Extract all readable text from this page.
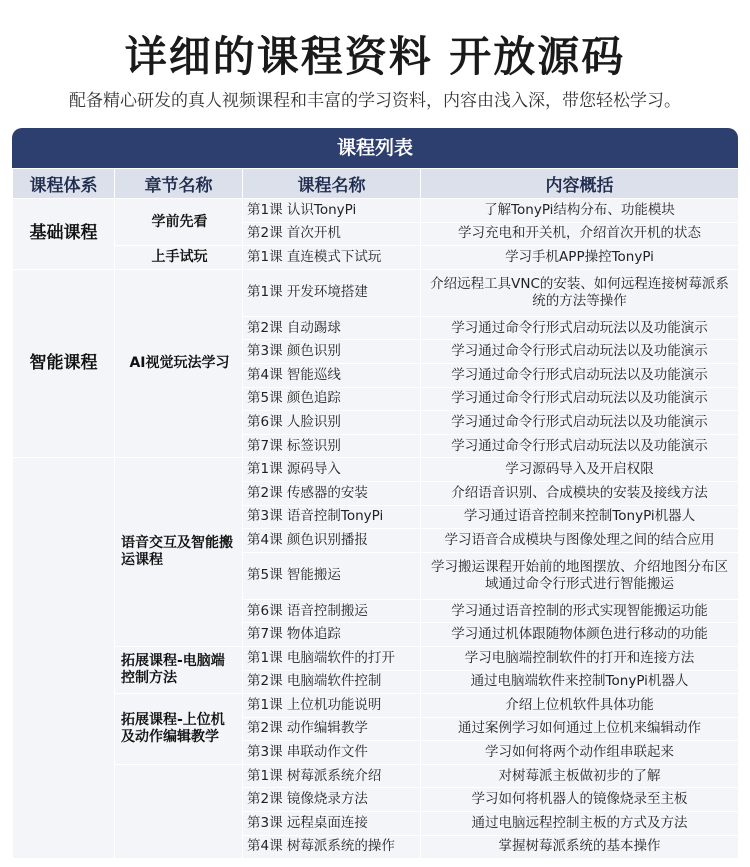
详细的课程资料 开放源码
配备精心研发的真人视频课程和丰富的学习资料，内容由浅入深，带您轻松学习。
课程列表
课程体系	章节名称	课程名称	内容概括
基础课程	学前先看	第1课 认识TonyPi	了解TonyPi结构分布、功能模块
		第2课 首次开机	学习充电和开关机，介绍首次开机的状态
	上手试玩	第1课 直连模式下试玩	学习手机APP操控TonyPi
智能课程	AI视觉玩法学习	第1课 开发环境搭建	介绍远程工具VNC的安装、如何远程连接树莓派系统的方法等操作
		第2课 自动踢球	学习通过命令行形式启动玩法以及功能演示
		第3课 颜色识别	学习通过命令行形式启动玩法以及功能演示
		第4课 智能巡线	学习通过命令行形式启动玩法以及功能演示
		第5课 颜色追踪	学习通过命令行形式启动玩法以及功能演示
		第6课 人脸识别	学习通过命令行形式启动玩法以及功能演示
		第7课 标签识别	学习通过命令行形式启动玩法以及功能演示
	语音交互及智能搬运课程	第1课 源码导入	学习源码导入及开启权限
		第2课 传感器的安装	介绍语音识别、合成模块的安装及接线方法
		第3课 语音控制TonyPi	学习通过语音控制来控制TonyPi机器人
		第4课 颜色识别播报	学习语音合成模块与图像处理之间的结合应用
		第5课 智能搬运	学习搬运课程开始前的地图摆放、介绍地图分布区域通过命令行形式进行智能搬运
		第6课 语音控制搬运	学习通过语音控制的形式实现智能搬运功能
		第7课 物体追踪	学习通过机体跟随物体颜色进行移动的功能
	拓展课程-电脑端控制方法	第1课 电脑端软件的打开	学习电脑端控制软件的打开和连接方法
		第2课 电脑端软件控制	通过电脑端软件来控制TonyPi机器人
	拓展课程-上位机及动作编辑教学	第1课 上位机功能说明	介绍上位机软件具体功能
		第2课 动作编辑教学	通过案例学习如何通过上位机来编辑动作
		第3课 串联动作文件	学习如何将两个动作组串联起来
		第1课 树莓派系统介绍	对树莓派主板做初步的了解
		第2课 镜像烧录方法	学习如何将机器人的镜像烧录至主板
		第3课 远程桌面连接	通过电脑远程控制主板的方式及方法
		第4课 树莓派系统的操作	掌握树莓派系统的基本操作
